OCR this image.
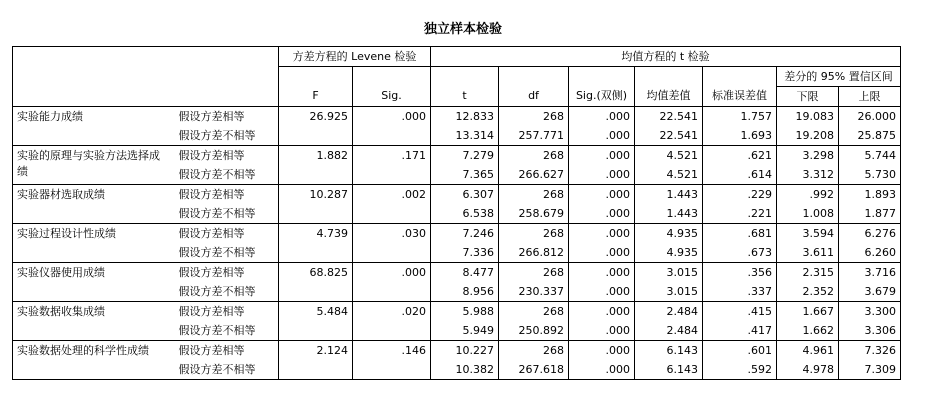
独立样本检验
		方差方程的 Levene 检验		均值方程的 t 检验						
									差分的 95% 置信区间	
		F	Sig.	t	df	Sig.(双侧)	均值差值	标准误差值	下限	上限
实验能力成绩	假设方差相等	26.925	.000	12.833	268	.000	22.541	1.757	19.083	26.000
	假设方差不相等			13.314	257.771	.000	22.541	1.693	19.208	25.875
实验的原理与实验方法选择成绩	假设方差相等	1.882	.171	7.279	268	.000	4.521	.621	3.298	5.744
	假设方差不相等			7.365	266.627	.000	4.521	.614	3.312	5.730
实验器材选取成绩	假设方差相等	10.287	.002	6.307	268	.000	1.443	.229	.992	1.893
	假设方差不相等			6.538	258.679	.000	1.443	.221	1.008	1.877
实验过程设计性成绩	假设方差相等	4.739	.030	7.246	268	.000	4.935	.681	3.594	6.276
	假设方差不相等			7.336	266.812	.000	4.935	.673	3.611	6.260
实验仪器使用成绩	假设方差相等	68.825	.000	8.477	268	.000	3.015	.356	2.315	3.716
	假设方差不相等			8.956	230.337	.000	3.015	.337	2.352	3.679
实验数据收集成绩	假设方差相等	5.484	.020	5.988	268	.000	2.484	.415	1.667	3.300
	假设方差不相等			5.949	250.892	.000	2.484	.417	1.662	3.306
实验数据处理的科学性成绩	假设方差相等	2.124	.146	10.227	268	.000	6.143	.601	4.961	7.326
	假设方差不相等			10.382	267.618	.000	6.143	.592	4.978	7.309
